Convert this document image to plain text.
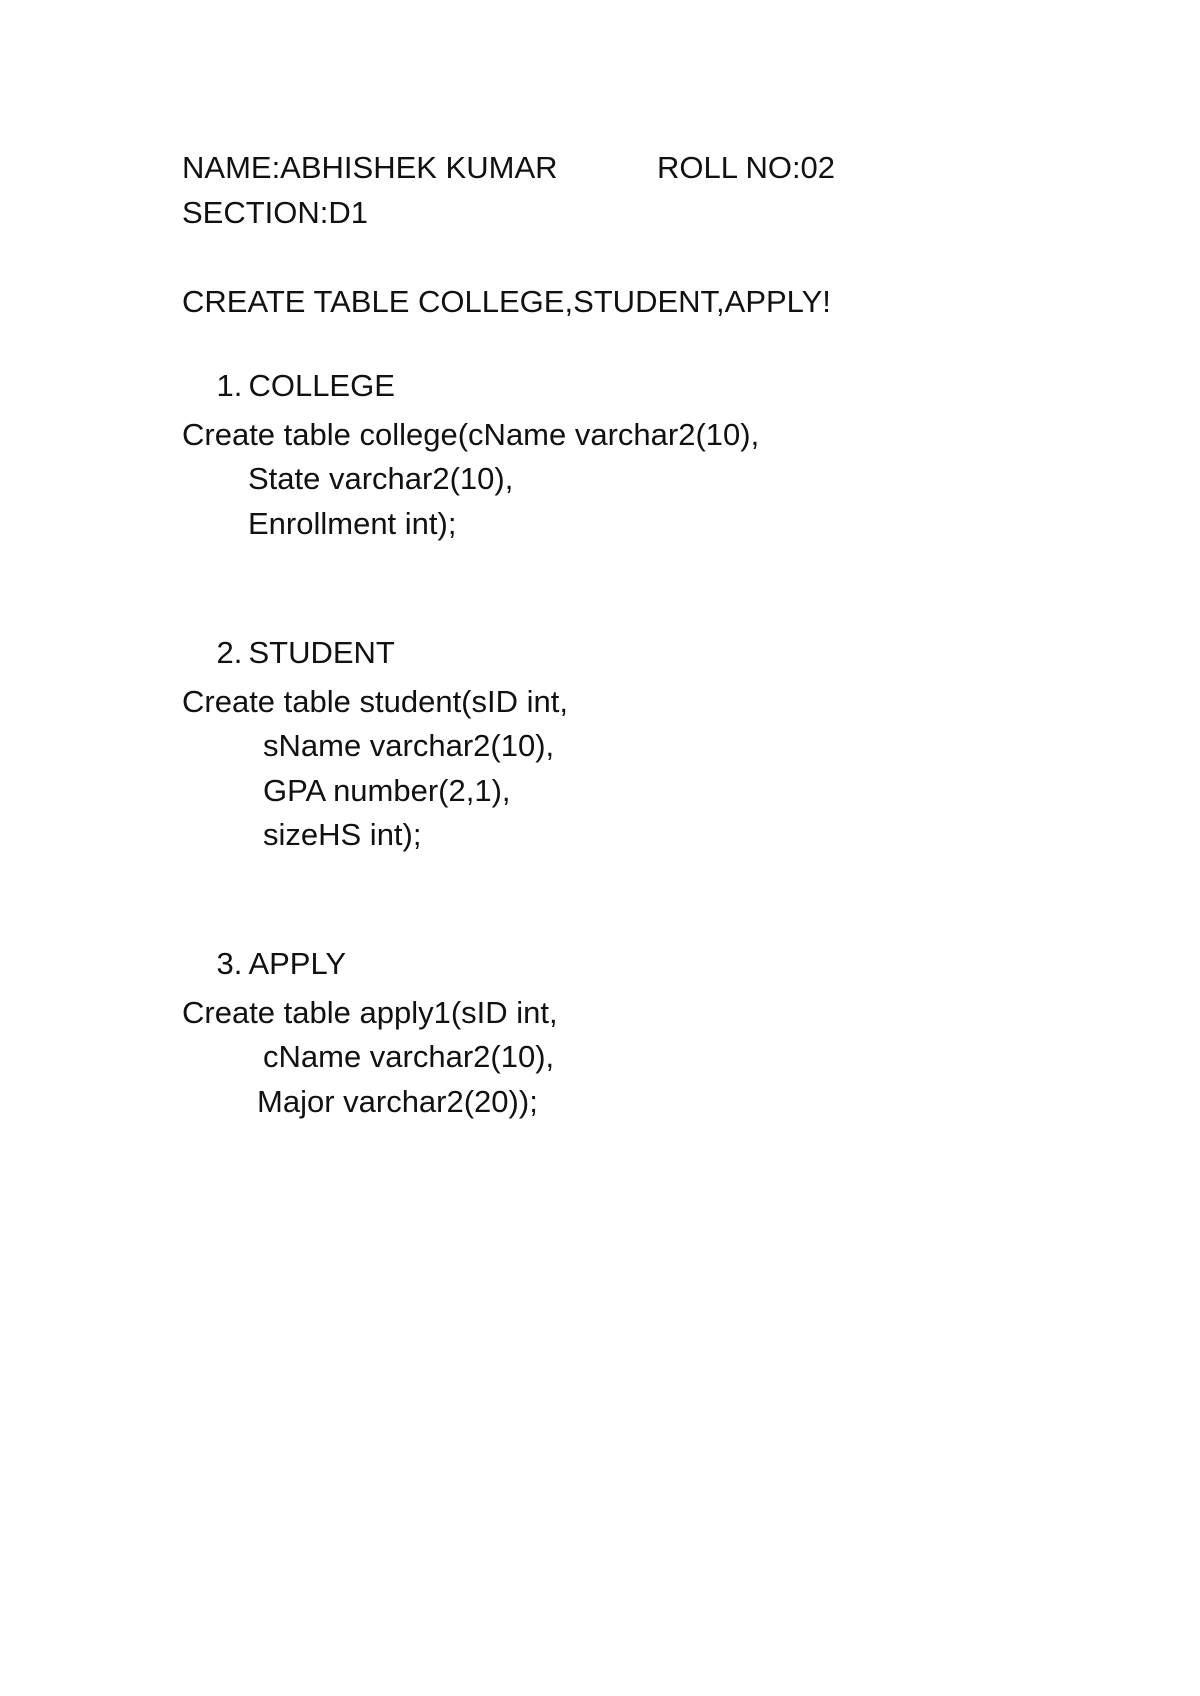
NAME:ABHISHEK KUMAR	ROLL NO:02
SECTION:D1
CREATE TABLE COLLEGE,STUDENT,APPLY!

1. COLLEGE

Create table college(cName varchar2(10),
State varchar2(10),
Enrollment int);

2. STUDENT

Create table student(sID int,
sName varchar2(10),
GPA number(2,1),
sizeHS int);

3. APPLY

Create table apply1(sID int,
cName varchar2(10),
Major varchar2(20));
